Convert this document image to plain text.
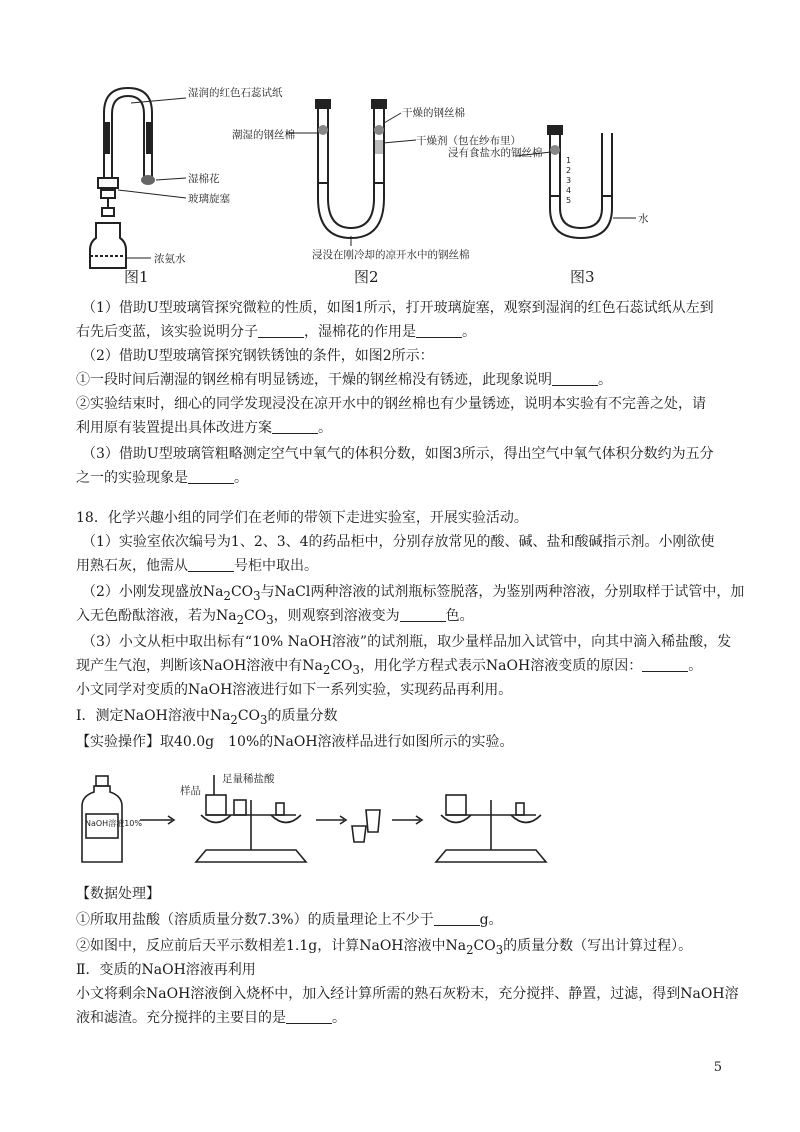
湿润的红色石蕊试纸
湿棉花
玻璃旋塞
浓氨水
潮湿的钢丝棉
干燥的钢丝棉
干燥剂（包在纱布里）
浸没在刚冷却的凉开水中的钢丝棉
1
2
3
4
5
浸有食盐水的钢丝棉
水
图1	图2	图3
（1）借助U型玻璃管探究微粒的性质，如图1所示，打开玻璃旋塞，观察到湿润的红色石蕊试纸从左到
右先后变蓝，该实验说明分子	，湿棉花的作用是	。
（2）借助U型玻璃管探究钢铁锈蚀的条件，如图2所示：
①一段时间后潮湿的钢丝棉有明显锈迹，干燥的钢丝棉没有锈迹，此现象说明	。
②实验结束时，细心的同学发现浸没在凉开水中的钢丝棉也有少量锈迹，说明本实验有不完善之处，请
利用原有装置提出具体改进方案	。
（3）借助U型玻璃管粗略测定空气中氧气的体积分数，如图3所示，得出空气中氧气体积分数约为五分
之一的实验现象是	。
18．化学兴趣小组的同学们在老师的带领下走进实验室，开展实验活动。
（1）实验室依次编号为1、2、3、4的药品柜中，分别存放常见的酸、碱、盐和酸碱指示剂。小刚欲使
用熟石灰，他需从	号柜中取出。
（2）小刚发现盛放$Na_2CO_3$与NaCl两种溶液的试剂瓶标签脱落，为鉴别两种溶液，分别取样于试管中，加
入无色酚酞溶液，若为$Na_2CO_3$，则观察到溶液变为	色。
（3）小文从柜中取出标有“10% NaOH溶液”的试剂瓶，取少量样品加入试管中，向其中滴入稀盐酸，发
现产生气泡，判断该NaOH溶液中有$Na_2CO_3$，用化学方程式表示NaOH溶液变质的原因：	。
小文同学对变质的NaOH溶液进行如下一系列实验，实现药品再利用。
Ⅰ．测定NaOH溶液中$Na_2CO_3$的质量分数
【实验操作】取40.0g　10%的NaOH溶液样品进行如图所示的实验。
NaOH溶液10%
样品
足量稀盐酸
【数据处理】
①所取用盐酸（溶质质量分数7.3%）的质量理论上不少于	g。
②如图中，反应前后天平示数相差1.1g，计算NaOH溶液中$Na_2CO_3$的质量分数（写出计算过程）。
Ⅱ．变质的NaOH溶液再利用
小文将剩余NaOH溶液倒入烧杯中，加入经计算所需的熟石灰粉末，充分搅拌、静置，过滤，得到NaOH溶
液和滤渣。充分搅拌的主要目的是	。
5
